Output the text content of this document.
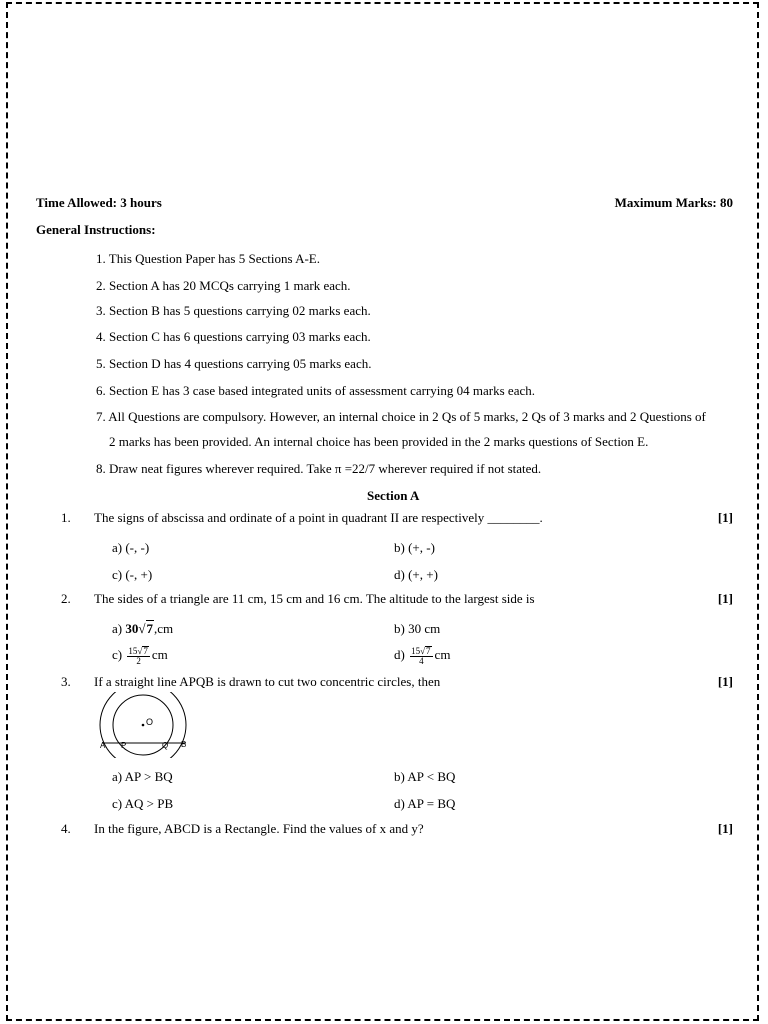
Time Allowed: 3 hours	Maximum Marks: 80
General Instructions:
1. This Question Paper has 5 Sections A-E.
2. Section A has 20 MCQs carrying 1 mark each.
3. Section B has 5 questions carrying 02 marks each.
4. Section C has 6 questions carrying 03 marks each.
5. Section D has 4 questions carrying 05 marks each.
6. Section E has 3 case based integrated units of assessment carrying 04 marks each.
7. All Questions are compulsory. However, an internal choice in 2 Qs of 5 marks, 2 Qs of 3 marks and 2 Questions of
2 marks has been provided. An internal choice has been provided in the 2 marks questions of Section E.
8. Draw neat figures wherever required. Take π =22/7 wherever required if not stated.
Section A
1. The signs of abscissa and ordinate of a point in quadrant II are respectively ________.	[1]
a) (-, -)	b) (+, -)
c) (-, +)	d) (+, +)
2. The sides of a triangle are 11 cm, 15 cm and 16 cm. The altitude to the largest side is	[1]
a) 30√7,cm	b) 30 cm
$c) \frac{15√7}{2}$ cm	$d) \frac{15√7}{4}$ cm
3. If a straight line APQB is drawn to cut two concentric circles, then	[1]
O
A P	Q B
a) AP > BQ	b) AP < BQ
c) AQ > PB	d) AP = BQ
4. In the figure, ABCD is a Rectangle. Find the values of x and y?	[1]
